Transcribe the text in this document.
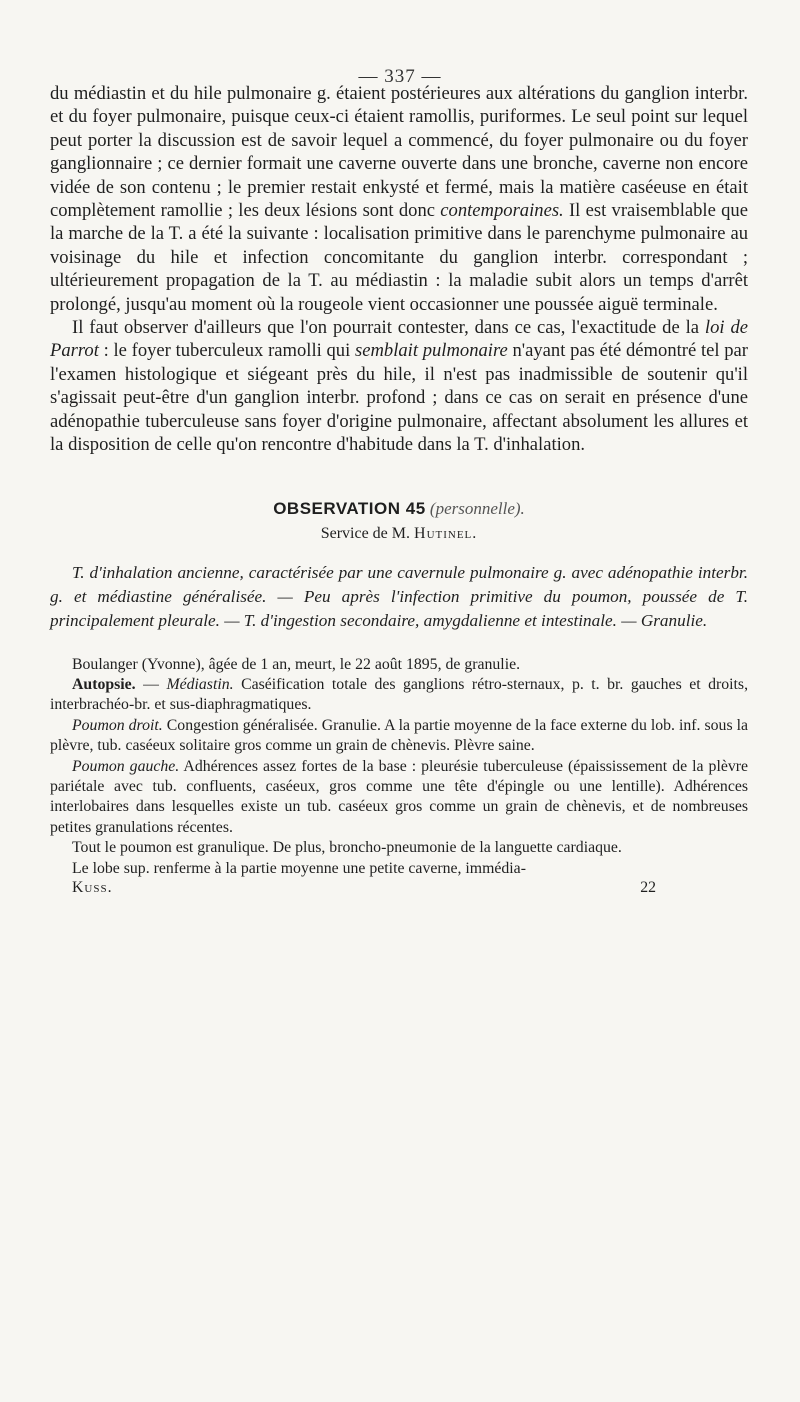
— 337 —

du médiastin et du hile pulmonaire g. étaient postérieures aux altérations du ganglion interbr. et du foyer pulmonaire, puisque ceux-ci étaient ramollis, puriformes. Le seul point sur lequel peut porter la discussion est de savoir lequel a commencé, du foyer pulmonaire ou du foyer ganglionnaire ; ce dernier formait une caverne ouverte dans une bronche, caverne non encore vidée de son contenu ; le premier restait enkysté et fermé, mais la matière caséeuse en était complètement ramollie ; les deux lésions sont donc contemporaines. Il est vraisemblable que la marche de la T. a été la suivante : localisation primitive dans le parenchyme pulmonaire au voisinage du hile et infection concomitante du ganglion interbr. correspondant ; ultérieurement propagation de la T. au médiastin : la maladie subit alors un temps d'arrêt prolongé, jusqu'au moment où la rougeole vient occasionner une poussée aiguë terminale.

Il faut observer d'ailleurs que l'on pourrait contester, dans ce cas, l'exactitude de la loi de Parrot : le foyer tuberculeux ramolli qui semblait pulmonaire n'ayant pas été démontré tel par l'examen histologique et siégeant près du hile, il n'est pas inadmissible de soutenir qu'il s'agissait peut-être d'un ganglion interbr. profond ; dans ce cas on serait en présence d'une adénopathie tuberculeuse sans foyer d'origine pulmonaire, affectant absolument les allures et la disposition de celle qu'on rencontre d'habitude dans la T. d'inhalation.

OBSERVATION 45 (personnelle).
Service de M. Hutinel.

T. d'inhalation ancienne, caractérisée par une cavernule pulmonaire g. avec adénopathie interbr. g. et médiastine généralisée. — Peu après l'infection primitive du poumon, poussée de T. principalement pleurale. — T. d'ingestion secondaire, amygdalienne et intestinale. — Granulie.

Boulanger (Yvonne), âgée de 1 an, meurt, le 22 août 1895, de granulie.

Autopsie. — Médiastin. Caséification totale des ganglions rétro-sternaux, p. t. br. gauches et droits, interbrachéo-br. et sus-diaphragmatiques.

Poumon droit. Congestion généralisée. Granulie. A la partie moyenne de la face externe du lob. inf. sous la plèvre, tub. caséeux solitaire gros comme un grain de chènevis. Plèvre saine.

Poumon gauche. Adhérences assez fortes de la base : pleurésie tuberculeuse (épaississement de la plèvre pariétale avec tub. confluents, caséeux, gros comme une tête d'épingle ou une lentille). Adhérences interlobaires dans lesquelles existe un tub. caséeux gros comme un grain de chènevis, et de nombreuses petites granulations récentes.

Tout le poumon est granulique. De plus, broncho-pneumonie de la languette cardiaque.

Le lobe sup. renferme à la partie moyenne une petite caverne, immédia-

Kuss.	22
